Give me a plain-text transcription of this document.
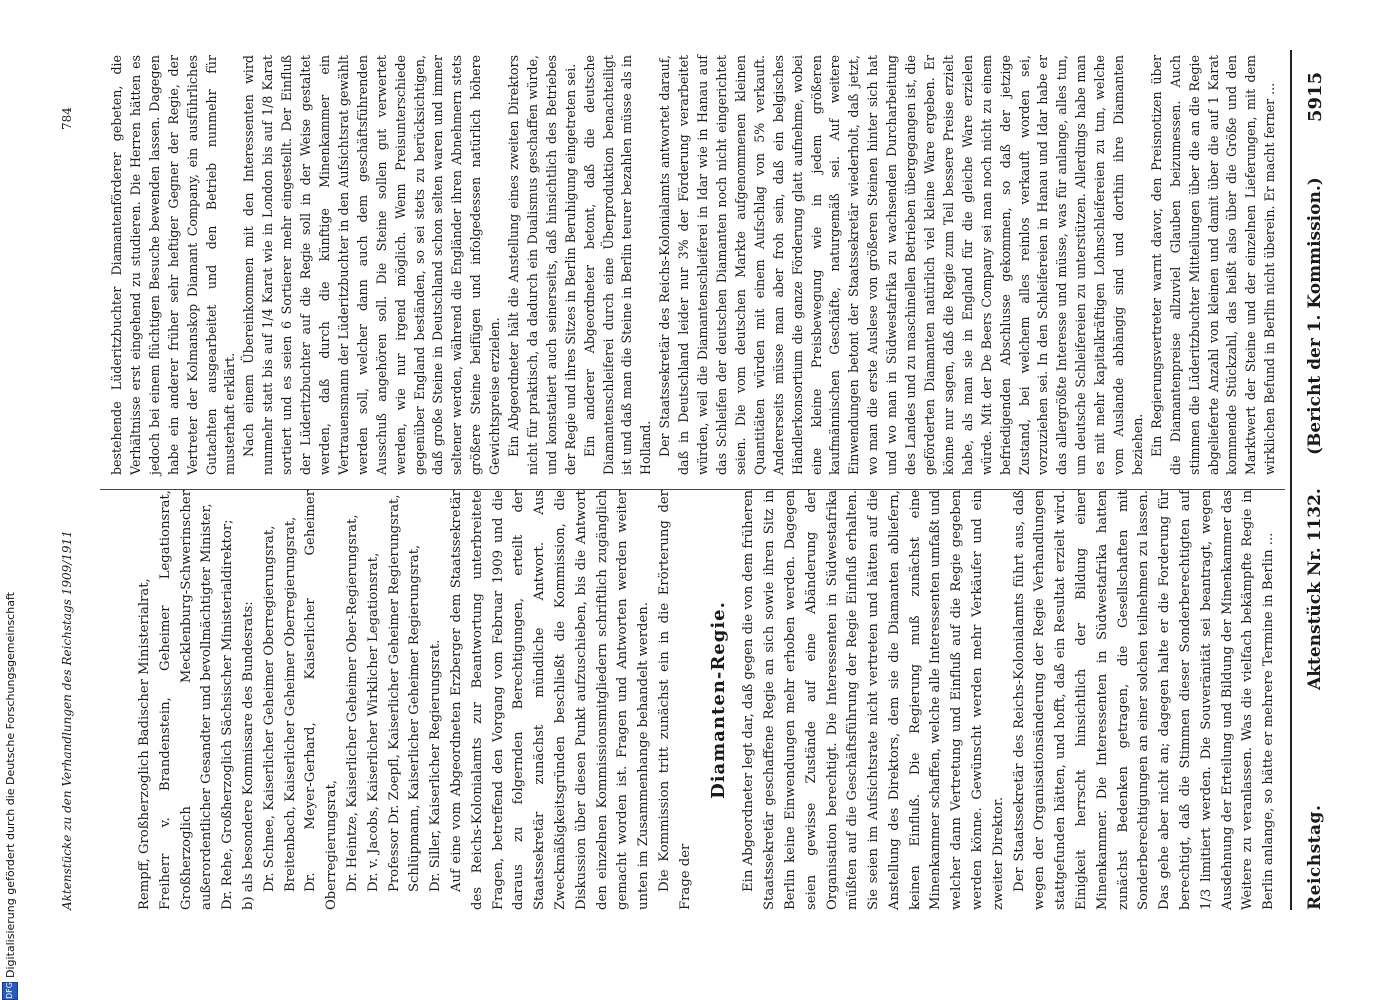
DFG
Digitalisierung gefördert durch die Deutsche Forschungsgemeinschaft	Reichstag.
Aktenstück Nr. 1132.
(Bericht der 1. Kommission.)
5915

Rempff, Großherzoglich Badischer Ministerialrat, Freiherr v. Brandenstein, Geheimer Legationsrat, Großherzoglich Mecklenburg-Schwerinscher außerordentlicher Gesandter und bevollmächtigter Minister, Dr. Rehe, Großherzoglich Sächsischer Ministerialdirektor; b) als besondere Kommissare des Bundesrats: Dr. Schnee, Kaiserlicher Geheimer Oberregierungsrat, Breitenbach, Kaiserlicher Geheimer Oberregierungsrat, Dr. Meyer-Gerhard, Kaiserlicher Geheimer Oberregierungsrat, Dr. Heintze, Kaiserlicher Geheimer Ober-Regierungsrat, Dr. v. Jacobs, Kaiserlicher Wirklicher Legationsrat, Professor Dr. Zoepfl, Kaiserlicher Geheimer Regierungsrat, Schlüpmann, Kaiserlicher Geheimer Regierungsrat, Dr. Siller, Kaiserlicher Regierungsrat. Auf eine vom Abgeordneten Erzberger dem Staatssekretär des Reichs-Kolonialamts zur Beantwortung unterbreitete Fragen, betreffend den Vorgang vom Februar 1909 und die daraus zu folgernden Berechtigungen, erteilt der Staatssekretär zunächst mündliche Antwort. Aus Zweckmäßigkeitsgründen beschließt die Kommission, die Diskussion über diesen Punkt aufzuschieben, bis die Antwort den einzelnen Kommissionsmitgliedern schriftlich zugänglich gemacht worden ist. Fragen und Antworten werden weiter unten im Zusammenhange behandelt werden. Die Kommission tritt zunächst ein in die Erörterung der Frage der

Diamanten-Regie. Ein Abgeordneter legt dar, daß gegen die von dem früheren Staatssekretär geschaffene Regie an sich sowie ihren Sitz in Berlin keine Einwendungen mehr erhoben werden. Dagegen seien gewisse Zustände auf eine Abänderung der Organisation berechtigt. Die Interessenten in Südwestafrika müßten auf die Geschäftsführung der Regie Einfluß erhalten. Sie seien im Aufsichtsrate nicht vertreten und hätten auf die Anstellung des Direktors, dem sie die Diamanten abliefern, keinen Einfluß. Die Regierung muß zunächst eine Minenkammer schaffen, welche alle Interessenten umfaßt und welcher dann Vertretung und Einfluß auf die Regie gegeben werden könne. Gewünscht werden mehr Verkäufer und ein zweiter Direktor. Der Staatssekretär des Reichs-Kolonialamts führt aus, daß wegen der Organisationsänderung der Regie Verhandlungen stattgefunden hätten, und hofft, daß ein Resultat erzielt wird. Einigkeit herrscht hinsichtlich der Bildung einer Minenkammer. Die Interessenten in Südwestafrika hatten zunächst Bedenken getragen, die Gesellschaften mit Sonderberechtigungen an einer solchen teilnehmen zu lassen. Das gehe aber nicht an; dagegen halte er die Forderung für berechtigt, daß die Stimmen dieser Sonderberechtigten auf 1/3 limitiert werden. Die Souveränität sei beantragt, wegen Ausdehnung der Erteilung und Bildung der Minenkammer das Weitere zu veranlassen. Was die vielfach bekämpfte Regie in Berlin anlange, so hätte er mehrere Termine in Berlin ...

bestehende Lüderitzbuchter Diamantenförderer gebeten, die Verhältnisse erst eingehend zu studieren. Die Herren hätten es jedoch bei einem flüchtigen Besuche bewenden lassen. Dagegen habe ein anderer früher sehr heftiger Gegner der Regie, der Vertreter der Kolmanskop Diamant Company, ein ausführliches Gutachten ausgearbeitet und den Betrieb nunmehr für musterhaft erklärt. Nach einem Übereinkommen mit den Interessenten wird nunmehr statt bis auf 1/4 Karat wie in London bis auf 1/8 Karat sortiert und es seien 6 Sortierer mehr eingestellt. Der Einfluß der Lüderitzbuchter auf die Regie soll in der Weise gestaltet werden, daß durch die künftige Minenkammer ein Vertrauensmann der Lüderitzbuchter in den Aufsichtsrat gewählt werden soll, welcher dann auch dem geschäftsführenden Ausschuß angehören soll. Die Steine sollen gut verwertet werden, wie nur irgend möglich. Wenn Preisunterschiede gegenüber England beständen, so sei stets zu berücksichtigen, daß große Steine in Deutschland schon selten waren und immer seltener werden, während die Engländer ihren Abnehmern stets größere Steine beifügen und infolgedessen natürlich höhere Gewichtspreise erzielen. Ein Abgeordneter hält die Anstellung eines zweiten Direktors nicht für praktisch, da dadurch ein Dualismus geschaffen würde, und konstatiert auch seinerseits, daß hinsichtlich des Betriebes der Regie und ihres Sitzes in Berlin Beruhigung eingetreten sei. Ein anderer Abgeordneter betont, daß die deutsche Diamantenschleiferei durch eine Überproduktion benachteiligt ist und daß man die Steine in Berlin teurer bezahlen müsse als in Holland. Der Staatssekretär des Reichs-Kolonialamts antwortet darauf, daß in Deutschland leider nur 3% der Förderung verarbeitet würden, weil die Diamantenschleiferei in Idar wie in Hanau auf das Schleifen der deutschen Diamanten noch nicht eingerichtet seien. Die vom deutschen Markte aufgenommenen kleinen Quantitäten würden mit einem Aufschlag von 5% verkauft. Andererseits müsse man aber froh sein, daß ein belgisches Händlerkonsortium die ganze Förderung glatt aufnehme, wobei eine kleine Preisbewegung wie in jedem größeren kaufmännischen Geschäfte, naturgemäß sei. Auf weitere Einwendungen betont der Staatssekretär wiederholt, daß jetzt, wo man die erste Auslese von größeren Steinen hinter sich hat und wo man in Südwestafrika zu wachsenden Durcharbeitung des Landes und zu maschinellen Betrieben übergegangen ist, die geförderten Diamanten natürlich viel kleine Ware ergeben. Er könne nur sagen, daß die Regie zum Teil bessere Preise erzielt habe, als man sie in England für die gleiche Ware erzielen würde. Mit der De Beers Company sei man noch nicht zu einem befriedigenden Abschlusse gekommen, so daß der jetzige Zustand, bei welchem alles reinlos verkauft worden sei, vorzuziehen sei. In den Schleifereien in Hanau und Idar habe er das allergrößte Interesse und müsse, was für anlange, alles tun, um deutsche Schleifereien zu unterstützen. Allerdings habe man es mit mehr kapitalkräftigen Lohnschleifereien zu tun, welche vom Auslande abhängig sind und dorthin ihre Diamanten beziehen. Ein Regierungsvertreter warnt davor, den Preisnotizen über die Diamantenpreise allzuviel Glauben beizumessen. Auch stimmen die Lüderitzbuchter Mitteilungen über die an die Regie abgelieferte Anzahl von kleinen und damit über die auf 1 Karat kommende Stückzahl, das heißt also über die Größe und den Marktwert der Steine und der einzelnen Lieferungen, mit dem wirklichen Befund in Berlin nicht überein. Er macht ferner ...

Aktenstücke zu den Verhandlungen des Reichstags 1909/1911
784
